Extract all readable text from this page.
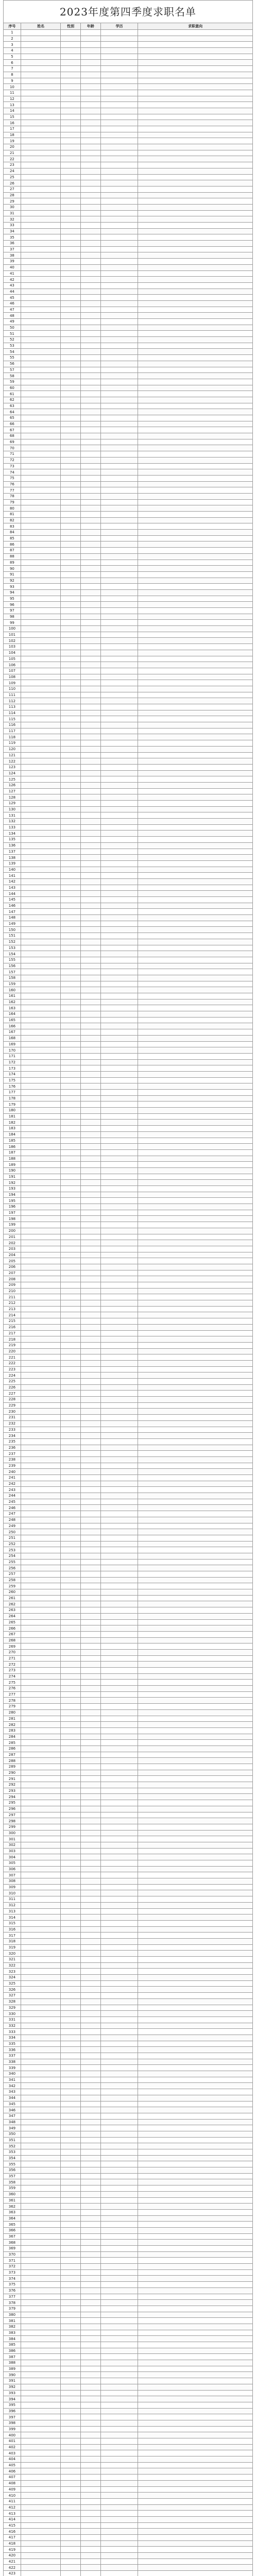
2023年度第四季度求职名单
序号	姓名	性别	年龄	学历	求职意向
1					
2					
3					
4					
5					
6					
7					
8					
9					
10					
11					
12					
13					
14					
15					
16					
17					
18					
19					
20					
21					
22					
23					
24					
25					
26					
27					
28					
29					
30					
31					
32					
33					
34					
35					
36					
37					
38					
39					
40					
41					
42					
43					
44					
45					
46					
47					
48					
49					
50					
51					
52					
53					
54					
55					
56					
57					
58					
59					
60					
61					
62					
63					
64					
65					
66					
67					
68					
69					
70					
71					
72					
73					
74					
75					
76					
77					
78					
79					
80					
81					
82					
83					
84					
85					
86					
87					
88					
89					
90					
91					
92					
93					
94					
95					
96					
97					
98					
99					
100					
101					
102					
103					
104					
105					
106					
107					
108					
109					
110					
111					
112					
113					
114					
115					
116					
117					
118					
119					
120					
121					
122					
123					
124					
125					
126					
127					
128					
129					
130					
131					
132					
133					
134					
135					
136					
137					
138					
139					
140					
141					
142					
143					
144					
145					
146					
147					
148					
149					
150					
151					
152					
153					
154					
155					
156					
157					
158					
159					
160					
161					
162					
163					
164					
165					
166					
167					
168					
169					
170					
171					
172					
173					
174					
175					
176					
177					
178					
179					
180					
181					
182					
183					
184					
185					
186					
187					
188					
189					
190					
191					
192					
193					
194					
195					
196					
197					
198					
199					
200					
201					
202					
203					
204					
205					
206					
207					
208					
209					
210					
211					
212					
213					
214					
215					
216					
217					
218					
219					
220					
221					
222					
223					
224					
225					
226					
227					
228					
229					
230					
231					
232					
233					
234					
235					
236					
237					
238					
239					
240					
241					
242					
243					
244					
245					
246					
247					
248					
249					
250					
251					
252					
253					
254					
255					
256					
257					
258					
259					
260					
261					
262					
263					
264					
265					
266					
267					
268					
269					
270					
271					
272					
273					
274					
275					
276					
277					
278					
279					
280					
281					
282					
283					
284					
285					
286					
287					
288					
289					
290					
291					
292					
293					
294					
295					
296					
297					
298					
299					
300					
301					
302					
303					
304					
305					
306					
307					
308					
309					
310					
311					
312					
313					
314					
315					
316					
317					
318					
319					
320					
321					
322					
323					
324					
325					
326					
327					
328					
329					
330					
331					
332					
333					
334					
335					
336					
337					
338					
339					
340					
341					
342					
343					
344					
345					
346					
347					
348					
349					
350					
351					
352					
353					
354					
355					
356					
357					
358					
359					
360					
361					
362					
363					
364					
365					
366					
367					
368					
369					
370					
371					
372					
373					
374					
375					
376					
377					
378					
379					
380					
381					
382					
383					
384					
385					
386					
387					
388					
389					
390					
391					
392					
393					
394					
395					
396					
397					
398					
399					
400					
401					
402					
403					
404					
405					
406					
407					
408					
409					
410					
411					
412					
413					
414					
415					
416					
417					
418					
419					
420					
421					
422					
423					
